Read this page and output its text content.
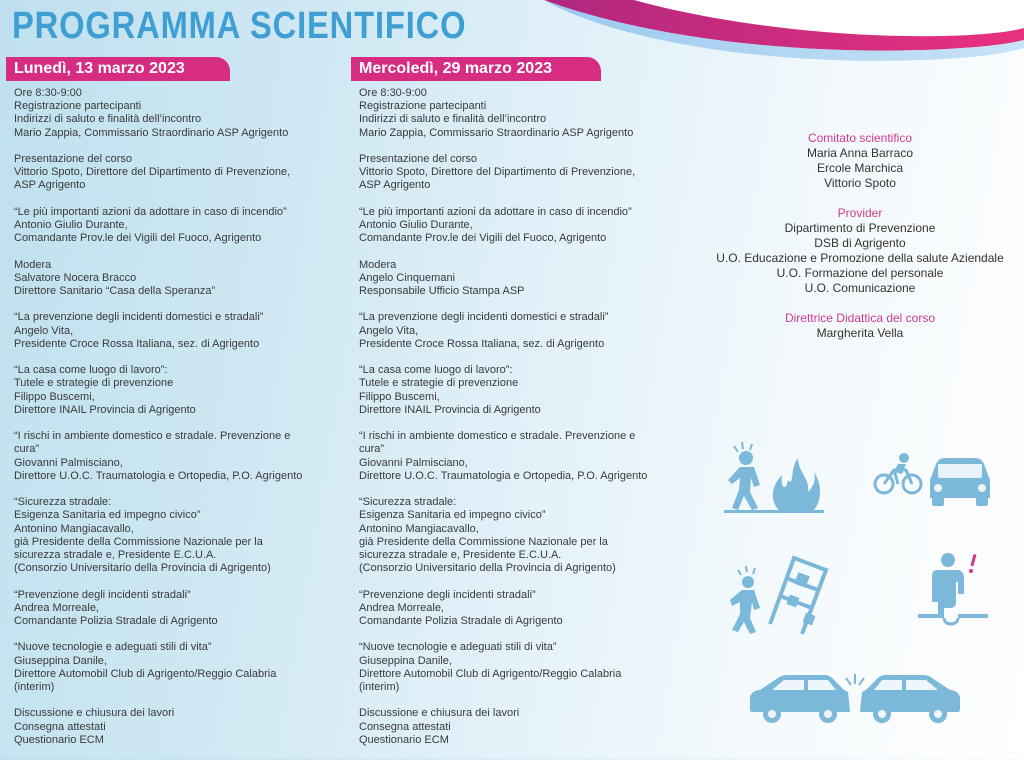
PROGRAMMA SCIENTIFICO
Lunedì, 13 marzo 2023	Mercoledì, 29 marzo 2023
Ore 8:30-9:00
Registrazione partecipanti
Indirizzi di saluto e finalità dell’incontro
Mario Zappia, Commissario Straordinario ASP Agrigento
Presentazione del corso
Vittorio Spoto, Direttore del Dipartimento di Prevenzione,
ASP Agrigento
“Le più importanti azioni da adottare in caso di incendio”
Antonio Giulio Durante,
Comandante Prov.le dei Vigili del Fuoco, Agrigento
Modera
Salvatore Nocera Bracco
Direttore Sanitario “Casa della Speranza”
“La prevenzione degli incidenti domestici e stradali”
Angelo Vita,
Presidente Croce Rossa Italiana, sez. di Agrigento
“La casa come luogo di lavoro”:
Tutele e strategie di prevenzione
Filippo Buscemi,
Direttore INAIL Provincia di Agrigento
“I rischi in ambiente domestico e stradale. Prevenzione e
cura”
Giovanni Palmisciano,
Direttore U.O.C. Traumatologia e Ortopedia, P.O. Agrigento
“Sicurezza stradale:
Esigenza Sanitaria ed impegno civico”
Antonino Mangiacavallo,
già Presidente della Commissione Nazionale per la
sicurezza stradale e, Presidente E.C.U.A.
(Consorzio Universitario della Provincia di Agrigento)
“Prevenzione degli incidenti stradali”
Andrea Morreale,
Comandante Polizia Stradale di Agrigento
“Nuove tecnologie e adeguati stili di vita”
Giuseppina Danile,
Direttore Automobil Club di Agrigento/Reggio Calabria
(interim)
Discussione e chiusura dei lavori
Consegna attestati
Questionario ECM
Ore 8:30-9:00
Registrazione partecipanti
Indirizzi di saluto e finalità dell’incontro
Mario Zappia, Commissario Straordinario ASP Agrigento
Presentazione del corso
Vittorio Spoto, Direttore del Dipartimento di Prevenzione,
ASP Agrigento
“Le più importanti azioni da adottare in caso di incendio”
Antonio Giulio Durante,
Comandante Prov.le dei Vigili del Fuoco, Agrigento
Modera
Angelo Cinquemani
Responsabile Ufficio Stampa ASP
“La prevenzione degli incidenti domestici e stradali”
Angelo Vita,
Presidente Croce Rossa Italiana, sez. di Agrigento
“La casa come luogo di lavoro”:
Tutele e strategie di prevenzione
Filippo Buscemi,
Direttore INAIL Provincia di Agrigento
“I rischi in ambiente domestico e stradale. Prevenzione e
cura”
Giovanni Palmisciano,
Direttore U.O.C. Traumatologia e Ortopedia, P.O. Agrigento
“Sicurezza stradale:
Esigenza Sanitaria ed impegno civico”
Antonino Mangiacavallo,
già Presidente della Commissione Nazionale per la
sicurezza stradale e, Presidente E.C.U.A.
(Consorzio Universitario della Provincia di Agrigento)
“Prevenzione degli incidenti stradali”
Andrea Morreale,
Comandante Polizia Stradale di Agrigento
“Nuove tecnologie e adeguati stili di vita”
Giuseppina Danile,
Direttore Automobil Club di Agrigento/Reggio Calabria
(interim)
Discussione e chiusura dei lavori
Consegna attestati
Questionario ECM
Comitato scientifico
Maria Anna Barraco
Ercole Marchica
Vittorio Spoto
Provider
Dipartimento di Prevenzione
DSB di Agrigento
U.O. Educazione e Promozione della salute Aziendale
U.O. Formazione del personale
U.O. Comunicazione
Direttrice Didattica del corso
Margherita Vella
